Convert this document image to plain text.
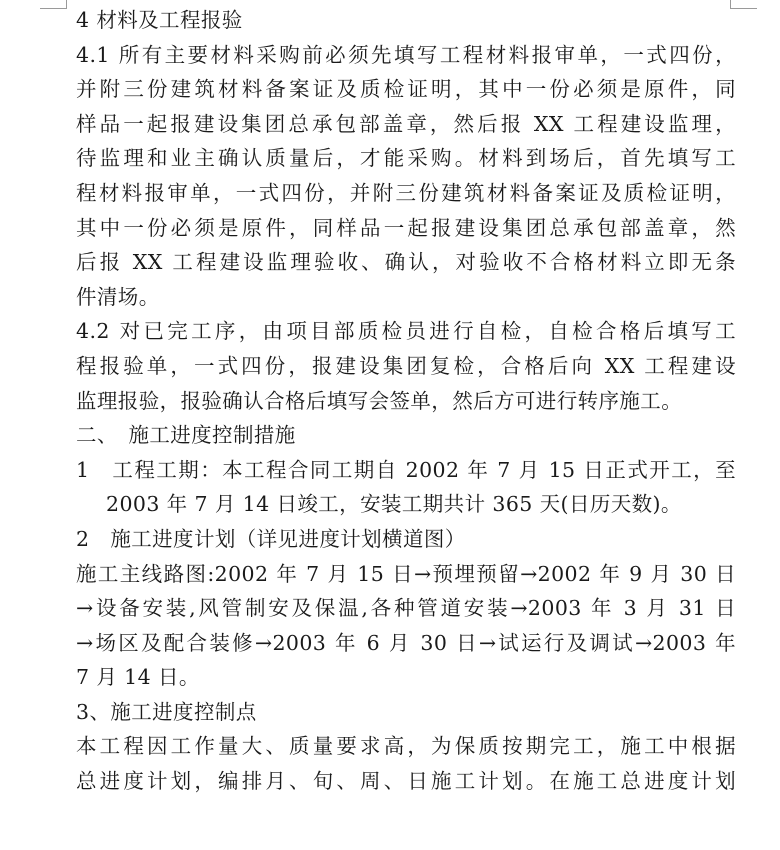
4 材料及工程报验
4.1 所有主要材料采购前必须先填写工程材料报审单，一式四份，
并附三份建筑材料备案证及质检证明，其中一份必须是原件，同
样品一起报建设集团总承包部盖章，然后报 XX 工程建设监理，
待监理和业主确认质量后，才能采购。材料到场后，首先填写工
程材料报审单，一式四份，并附三份建筑材料备案证及质检证明，
其中一份必须是原件，同样品一起报建设集团总承包部盖章，然
后报 XX 工程建设监理验收、确认，对验收不合格材料立即无条
件清场。
4.2 对已完工序，由项目部质检员进行自检，自检合格后填写工
程报验单，一式四份，报建设集团复检，合格后向 XX 工程建设
监理报验，报验确认合格后填写会签单，然后方可进行转序施工。
二、　施工进度控制措施
1　工程工期：本工程合同工期自 2002 年 7 月 15 日正式开工，至
2003 年 7 月 14 日竣工，安装工期共计 365 天(日历天数)。
2　施工进度计划（详见进度计划横道图）
施工主线路图:2002 年 7 月 15 日→预埋预留→2002 年 9 月 30 日
→设备安装,风管制安及保温,各种管道安装→2003 年 3 月 31 日
→场区及配合装修→2003 年 6 月 30 日→试运行及调试→2003 年
7 月 14 日。
3、施工进度控制点
本工程因工作量大、质量要求高，为保质按期完工，施工中根据
总进度计划，编排月、旬、周、日施工计划。在施工总进度计划
